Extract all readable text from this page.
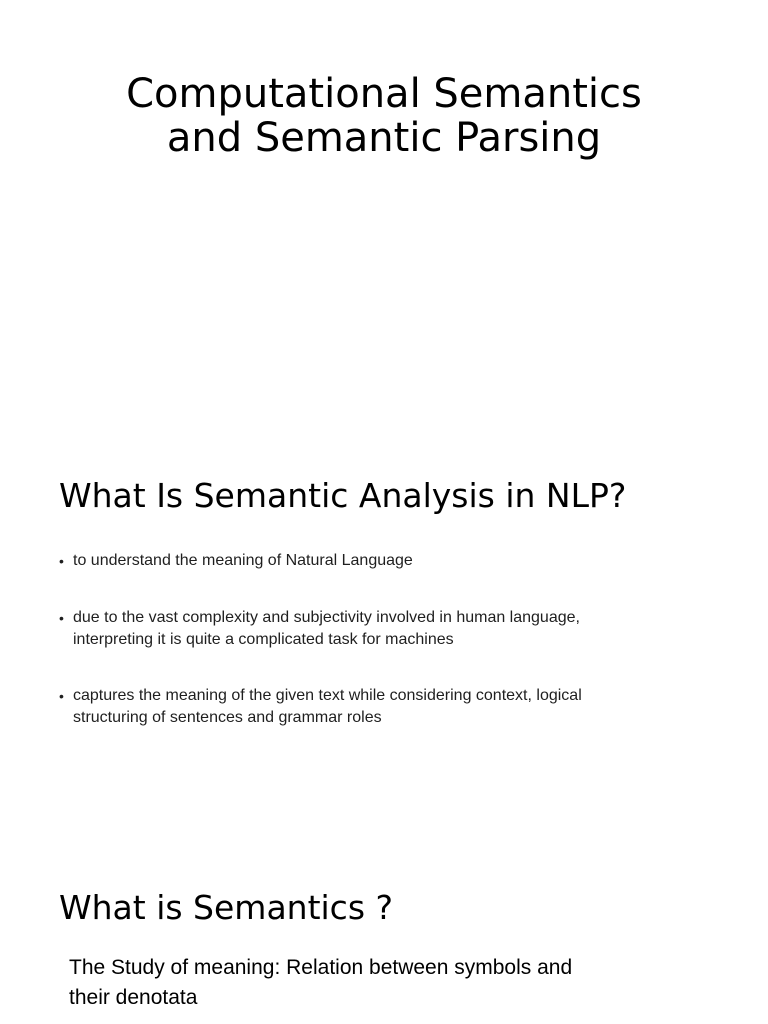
Computational Semantics
and Semantic Parsing
What Is Semantic Analysis in NLP?
• to understand the meaning of Natural Language
• due to the vast complexity and subjectivity involved in human language,
interpreting it is quite a complicated task for machines
• captures the meaning of the given text while considering context, logical
structuring of sentences and grammar roles
What is Semantics ?
The Study of meaning: Relation between symbols and
their denotata
